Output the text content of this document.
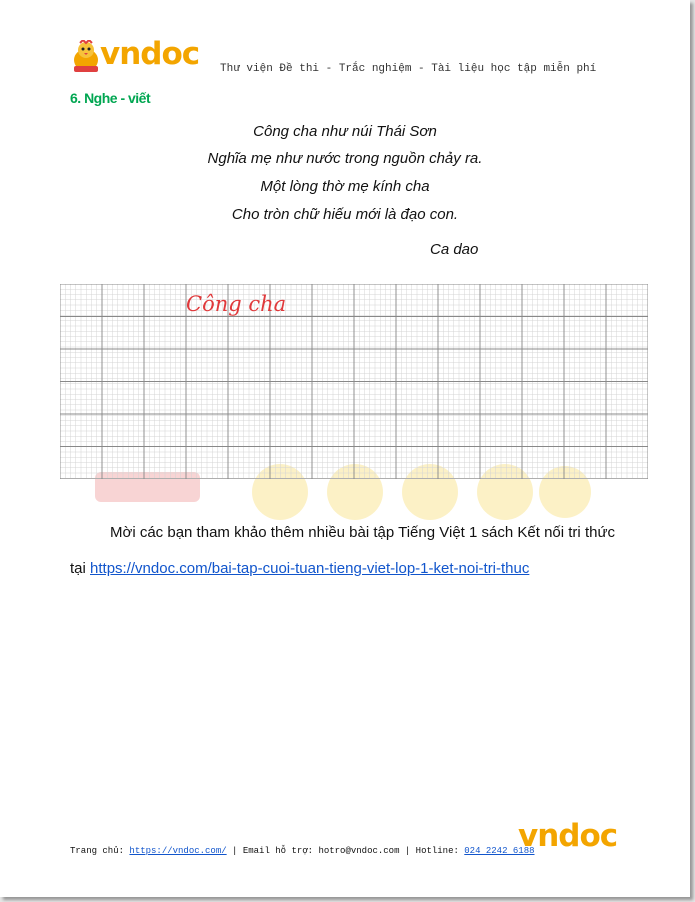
vndoc Thư viện Đề thi - Trắc nghiệm - Tài liệu học tập miễn phí
6. Nghe - viết
Công cha như núi Thái Sơn
Nghĩa mẹ như nước trong nguồn chảy ra.
Một lòng thờ mẹ kính cha
Cho tròn chữ hiếu mới là đạo con.
Ca dao
Công cha
Mời các bạn tham khảo thêm nhiều bài tập Tiếng Việt 1 sách Kết nối tri thức tại https://vndoc.com/bai-tap-cuoi-tuan-tieng-viet-lop-1-ket-noi-tri-thuc
Trang chủ: https://vndoc.com/ | Email hỗ trợ: hotro@vndoc.com | Hotline: 024 2242 6188
vndoc
